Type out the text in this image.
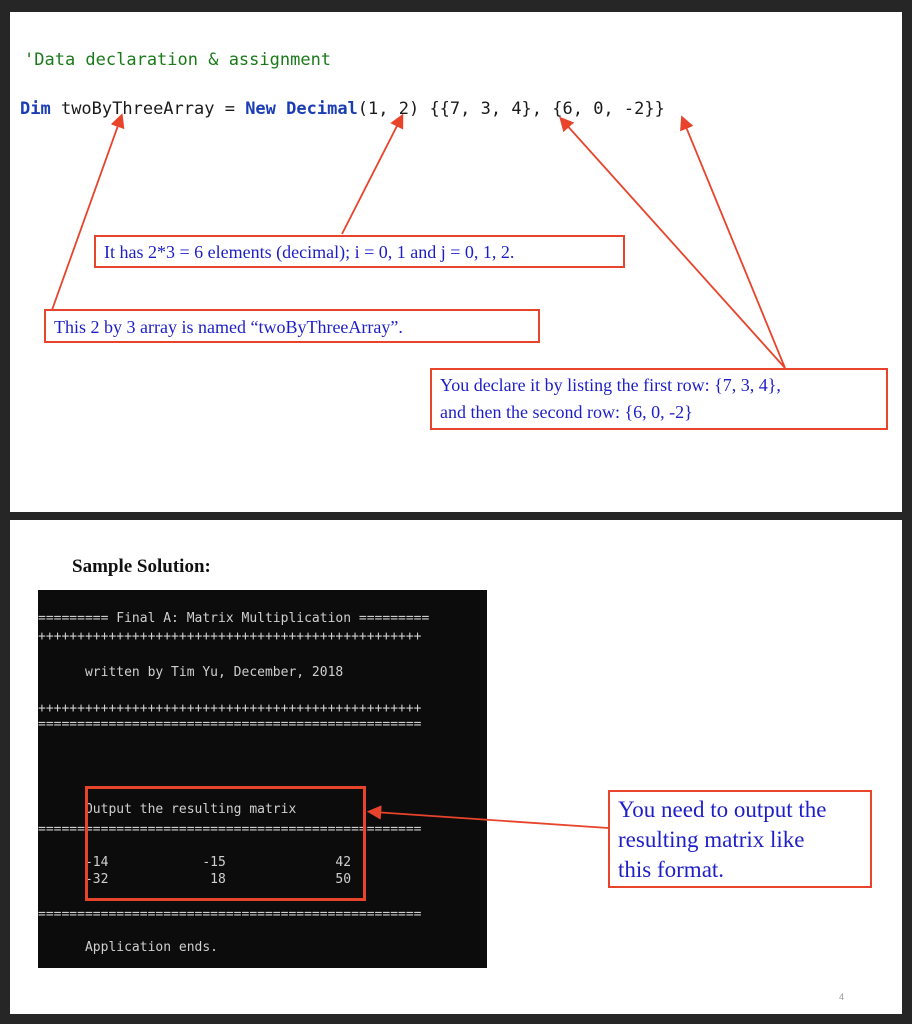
'Data declaration & assignment
Dim twoByThreeArray = New Decimal(1, 2) {{7, 3, 4}, {6, 0, -2}}
It has 2*3 = 6 elements (decimal); i = 0, 1 and j = 0, 1, 2.
This 2 by 3 array is named “twoByThreeArray”.
You declare it by listing the first row: {7, 3, 4},
and then the second row: {6, 0, -2}
Sample Solution:
========= Final A: Matrix Multiplication =========
+++++++++++++++++++++++++++++++++++++++++++++++++
written by Tim Yu, December, 2018
+++++++++++++++++++++++++++++++++++++++++++++++++
=================================================
Output the resulting matrix
=================================================
-14            -15              42
-32             18              50
=================================================
Application ends.
You need to output the
resulting matrix like
this format.
4
